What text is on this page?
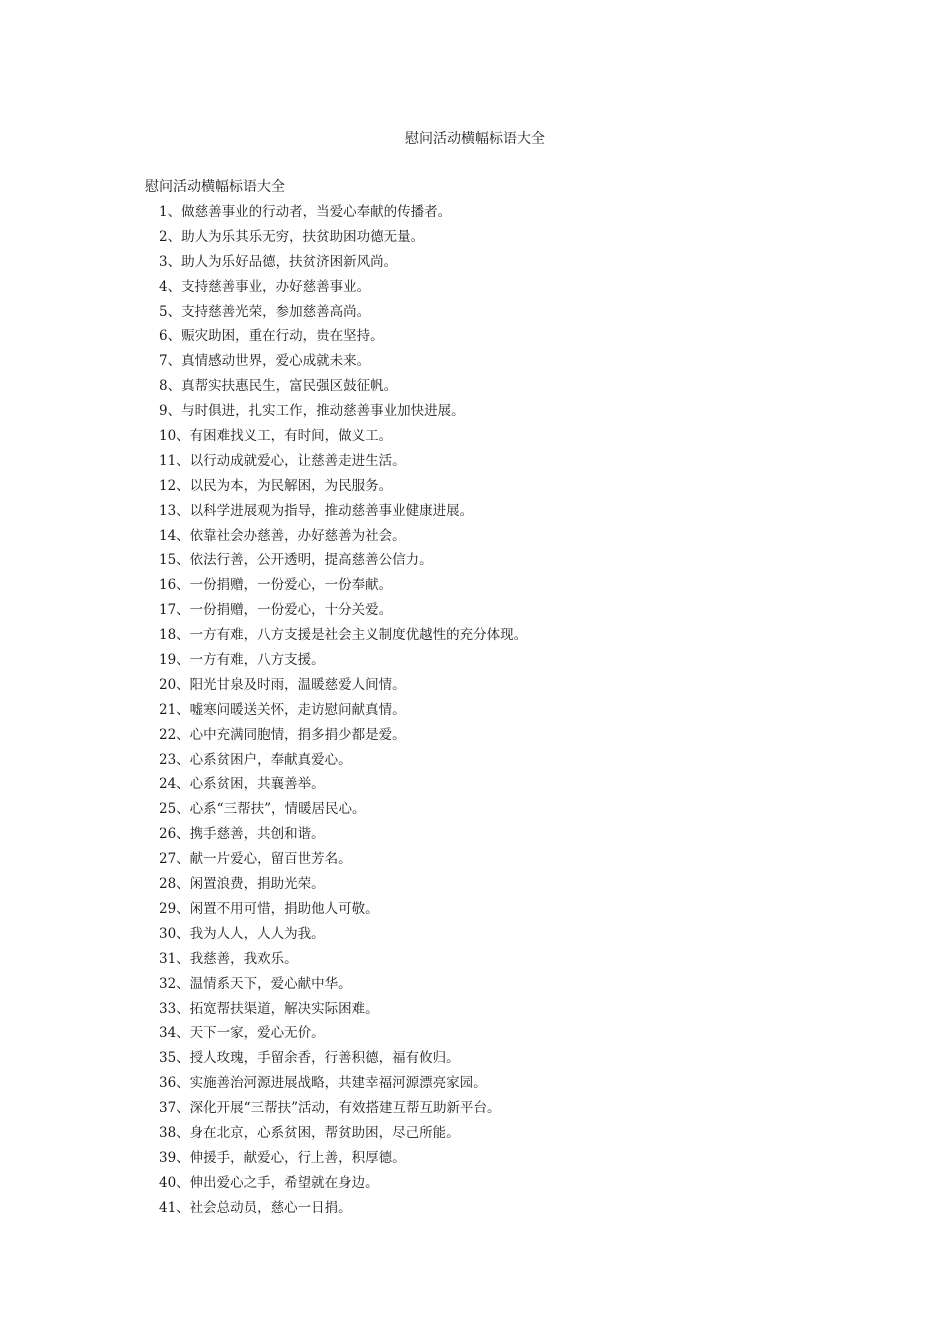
慰问活动横幅标语大全
慰问活动横幅标语大全
1、做慈善事业的行动者，当爱心奉献的传播者。
2、助人为乐其乐无穷，扶贫助困功德无量。
3、助人为乐好品德，扶贫济困新风尚。
4、支持慈善事业，办好慈善事业。
5、支持慈善光荣，参加慈善高尚。
6、赈灾助困，重在行动，贵在坚持。
7、真情感动世界，爱心成就未来。
8、真帮实扶惠民生，富民强区鼓征帆。
9、与时俱进，扎实工作，推动慈善事业加快进展。
10、有困难找义工，有时间，做义工。
11、以行动成就爱心，让慈善走进生活。
12、以民为本，为民解困，为民服务。
13、以科学进展观为指导，推动慈善事业健康进展。
14、依靠社会办慈善，办好慈善为社会。
15、依法行善，公开透明，提高慈善公信力。
16、一份捐赠，一份爱心，一份奉献。
17、一份捐赠，一份爱心，十分关爱。
18、一方有难，八方支援是社会主义制度优越性的充分体现。
19、一方有难，八方支援。
20、阳光甘泉及时雨，温暖慈爱人间情。
21、嘘寒问暖送关怀，走访慰问献真情。
22、心中充满同胞情，捐多捐少都是爱。
23、心系贫困户，奉献真爱心。
24、心系贫困，共襄善举。
25、心系“三帮扶”，情暖居民心。
26、携手慈善，共创和谐。
27、献一片爱心，留百世芳名。
28、闲置浪费，捐助光荣。
29、闲置不用可惜，捐助他人可敬。
30、我为人人，人人为我。
31、我慈善，我欢乐。
32、温情系天下，爱心献中华。
33、拓宽帮扶渠道，解决实际困难。
34、天下一家，爱心无价。
35、授人玫瑰，手留余香，行善积德，福有攸归。
36、实施善治河源进展战略，共建幸福河源漂亮家园。
37、深化开展“三帮扶”活动，有效搭建互帮互助新平台。
38、身在北京，心系贫困，帮贫助困，尽己所能。
39、伸援手，献爱心，行上善，积厚德。
40、伸出爱心之手，希望就在身边。
41、社会总动员，慈心一日捐。
